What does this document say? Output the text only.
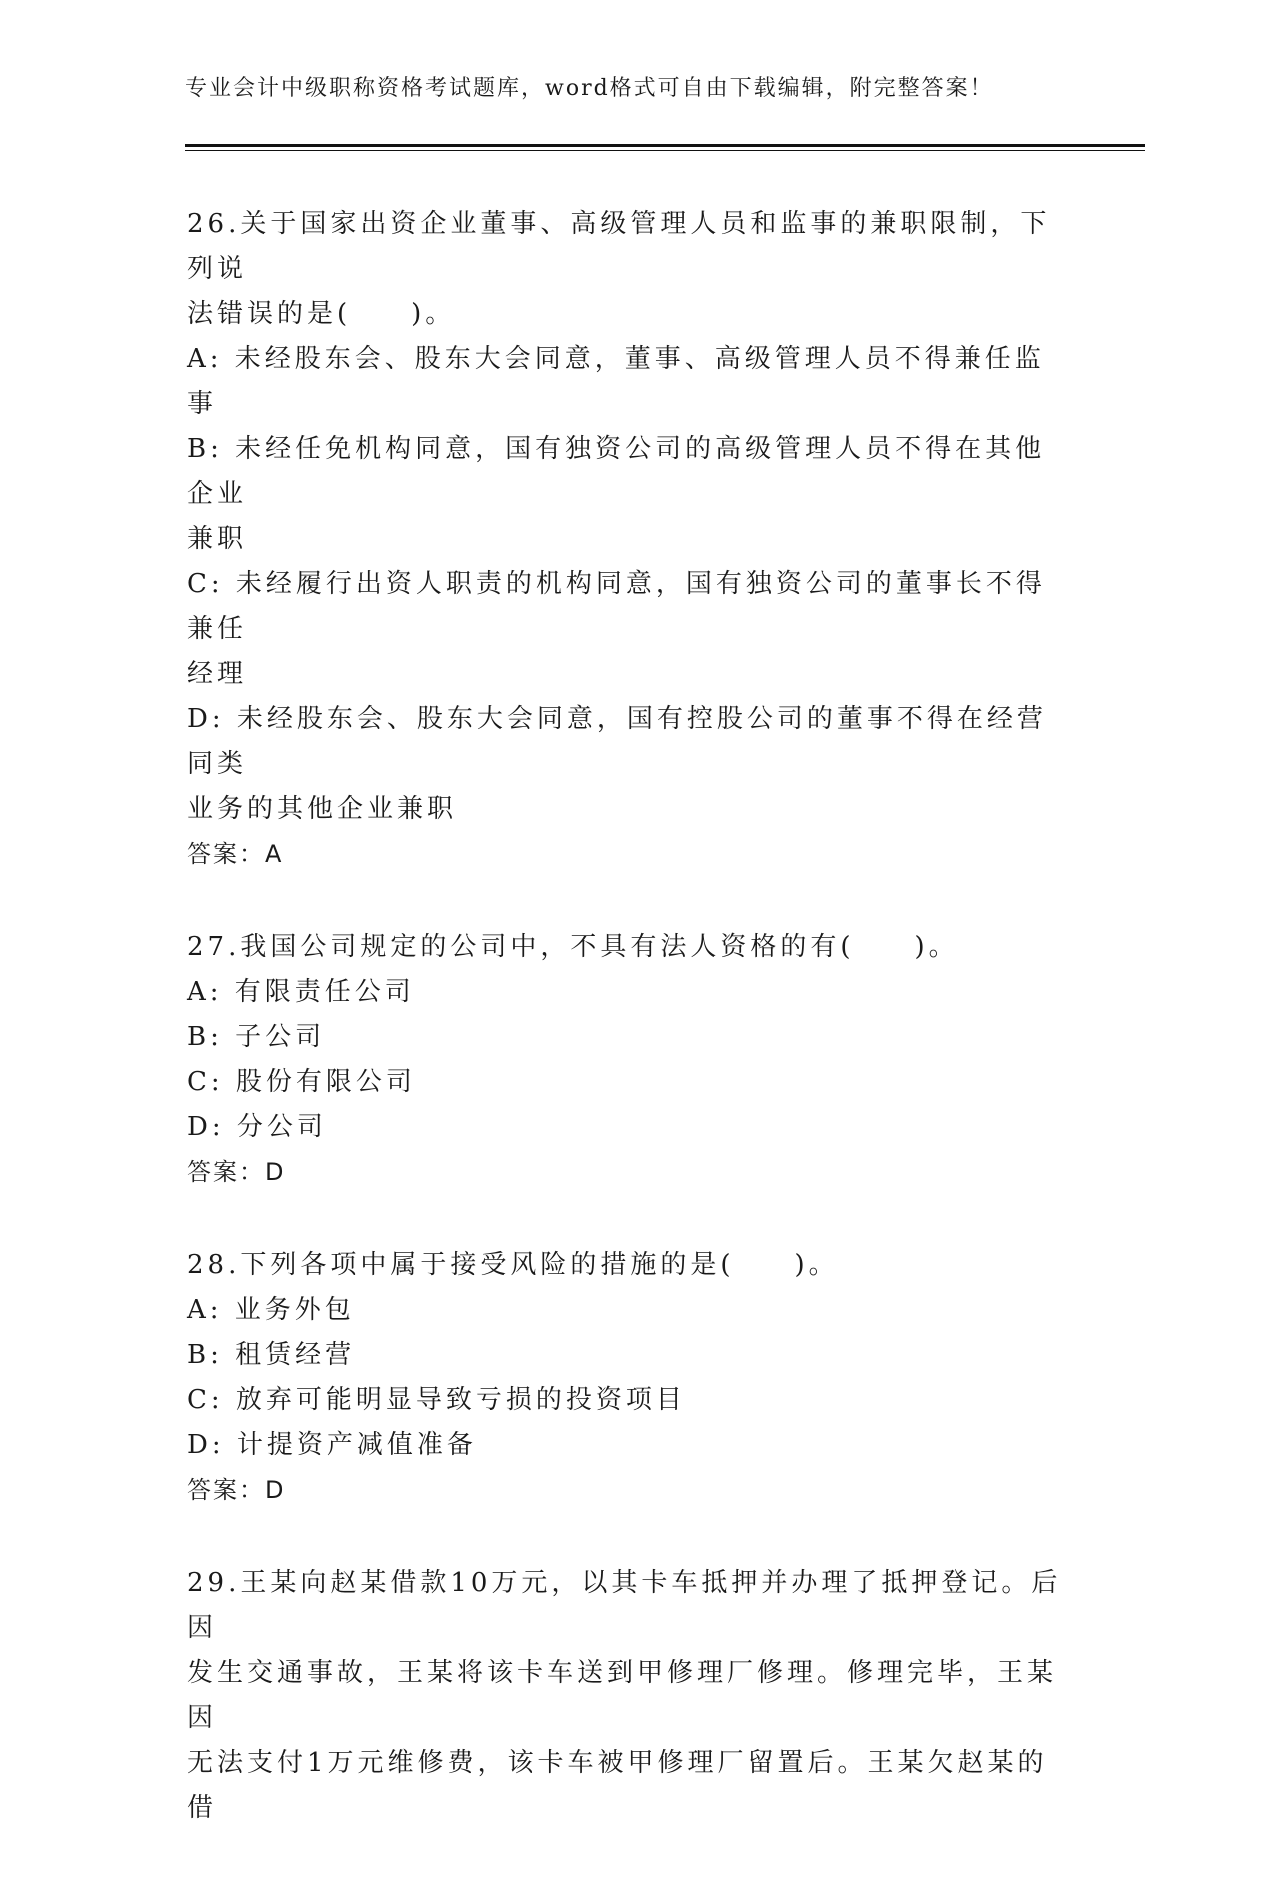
专业会计中级职称资格考试题库，word格式可自由下载编辑，附完整答案！
26.关于国家出资企业董事、高级管理人员和监事的兼职限制，下列说
法错误的是(　　)。
A: 未经股东会、股东大会同意，董事、高级管理人员不得兼任监事
B: 未经任免机构同意，国有独资公司的高级管理人员不得在其他企业
兼职
C: 未经履行出资人职责的机构同意，国有独资公司的董事长不得兼任
经理
D: 未经股东会、股东大会同意，国有控股公司的董事不得在经营同类
业务的其他企业兼职
答案：A
27.我国公司规定的公司中，不具有法人资格的有(　　)。
A: 有限责任公司
B: 子公司
C: 股份有限公司
D: 分公司
答案：D
28.下列各项中属于接受风险的措施的是(　　)。
A: 业务外包
B: 租赁经营
C: 放弃可能明显导致亏损的投资项目
D: 计提资产减值准备
答案：D
29.王某向赵某借款10万元，以其卡车抵押并办理了抵押登记。后因
发生交通事故，王某将该卡车送到甲修理厂修理。修理完毕，王某因
无法支付1万元维修费，该卡车被甲修理厂留置后。王某欠赵某的借
